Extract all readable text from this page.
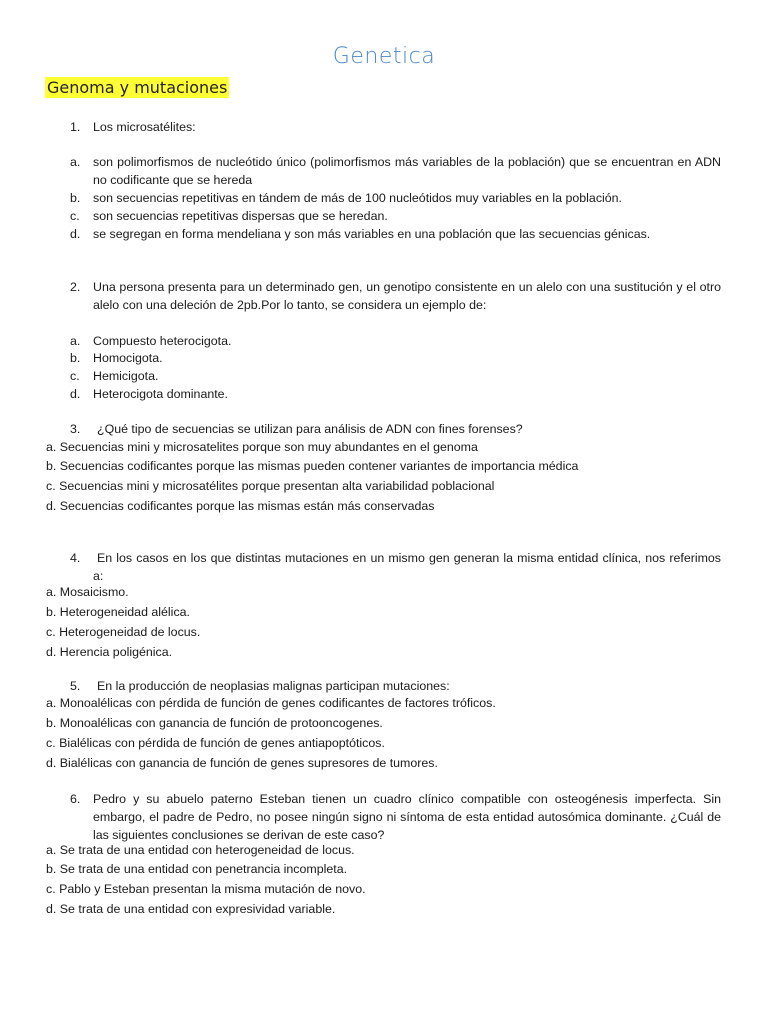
Genetica
Genoma y mutaciones
1. Los microsatélites:
a. son polimorfismos de nucleótido único (polimorfismos más variables de la población) que se encuentran en ADN no codificante que se hereda
b. son secuencias repetitivas en tándem de más de 100 nucleótidos muy variables en la población.
c. son secuencias repetitivas dispersas que se heredan.
d. se segregan en forma mendeliana y son más variables en una población que las secuencias génicas.
2. Una persona presenta para un determinado gen, un genotipo consistente en un alelo con una sustitución y el otro alelo con una deleción de 2pb.Por lo tanto, se considera un ejemplo de:
a. Compuesto heterocigota.
b. Homocigota.
c. Hemicigota.
d. Heterocigota dominante.
3. ¿Qué tipo de secuencias se utilizan para análisis de ADN con fines forenses?
a. Secuencias mini y microsatelites porque son muy abundantes en el genoma
b. Secuencias codificantes porque las mismas pueden contener variantes de importancia médica
c. Secuencias mini y microsatélites porque presentan alta variabilidad poblacional
d. Secuencias codificantes porque las mismas están más conservadas
4.	En los casos en los que distintas mutaciones en un mismo gen generan la misma entidad clínica, nos referimos a:
a. Mosaicismo.
b. Heterogeneidad alélica.
c. Heterogeneidad de locus.
d. Herencia poligénica.
5. En la producción de neoplasias malignas participan mutaciones:
a. Monoalélicas con pérdida de función de genes codificantes de factores tróficos.
b. Monoalélicas con ganancia de función de protooncogenes.
c. Bialélicas con pérdida de función de genes antiapoptóticos.
d. Bialélicas con ganancia de función de genes supresores de tumores.
6. Pedro y su abuelo paterno Esteban tienen un cuadro clínico compatible con osteogénesis imperfecta. Sin embargo, el padre de Pedro, no posee ningún signo ni síntoma de esta entidad autosómica dominante. ¿Cuál de las siguientes conclusiones se derivan de este caso?
a. Se trata de una entidad con heterogeneidad de locus.
b. Se trata de una entidad con penetrancia incompleta.
c. Pablo y Esteban presentan la misma mutación de novo.
d. Se trata de una entidad con expresividad variable.
